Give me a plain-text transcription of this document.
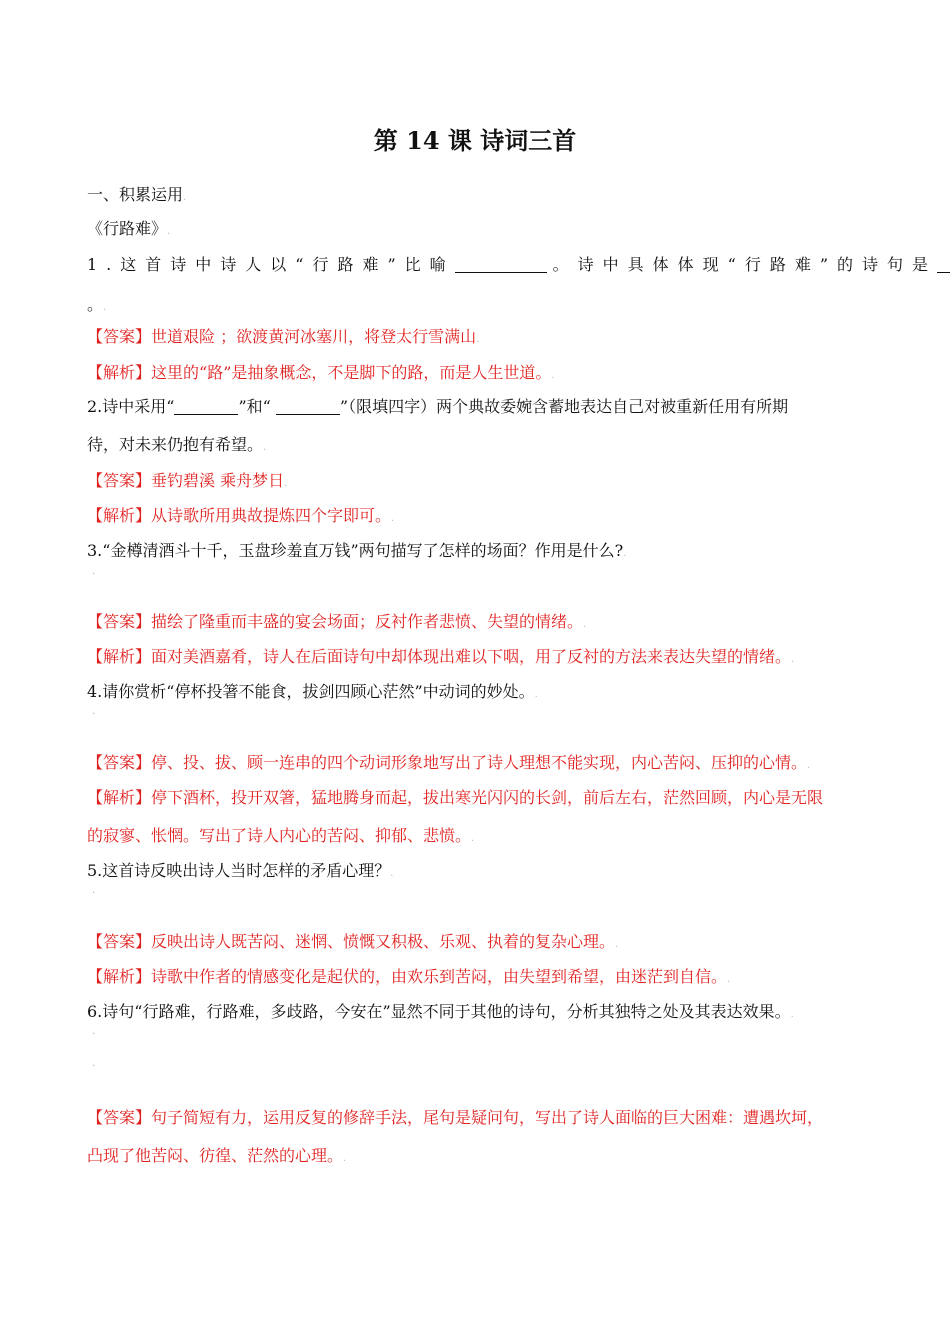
第 14 课 诗词三首
一、积累运用.
《行路难》.
1.这首诗中诗人以“行路难”比喻	。诗中具体体现“行路难”的诗句是
。.
【答案】世道艰险 ；欲渡黄河冰塞川，将登太行雪满山.
【解析】这里的“路”是抽象概念，不是脚下的路，而是人生世道。.
2.诗中采用“	”和“	”（限填四字）两个典故委婉含蓄地表达自己对被重新任用有所期
待，对未来仍抱有希望。.
【答案】垂钓碧溪 乘舟梦日.
【解析】从诗歌所用典故提炼四个字即可。.
3.“金樽清酒斗十千，玉盘珍羞直万钱”两句描写了怎样的场面？作用是什么?.
.
【答案】描绘了隆重而丰盛的宴会场面；反衬作者悲愤、失望的情绪。.
【解析】面对美酒嘉肴，诗人在后面诗句中却体现出难以下咽，用了反衬的方法来表达失望的情绪。.
4.请你赏析“停杯投箸不能食，拔剑四顾心茫然”中动词的妙处。.
.
【答案】停、投、拔、顾一连串的四个动词形象地写出了诗人理想不能实现，内心苦闷、压抑的心情。.
【解析】停下酒杯，投开双箸，猛地腾身而起，拔出寒光闪闪的长剑，前后左右，茫然回顾，内心是无限
的寂寥、怅惘。写出了诗人内心的苦闷、抑郁、悲愤。.
5.这首诗反映出诗人当时怎样的矛盾心理？.
.
【答案】反映出诗人既苦闷、迷惘、愤慨又积极、乐观、执着的复杂心理。.
【解析】诗歌中作者的情感变化是起伏的，由欢乐到苦闷，由失望到希望，由迷茫到自信。.
6.诗句“行路难，行路难，多歧路，今安在”显然不同于其他的诗句，分析其独特之处及其表达效果。.
.
.
【答案】句子简短有力，运用反复的修辞手法，尾句是疑问句，写出了诗人面临的巨大困难：遭遇坎坷，
凸现了他苦闷、彷徨、茫然的心理。.
